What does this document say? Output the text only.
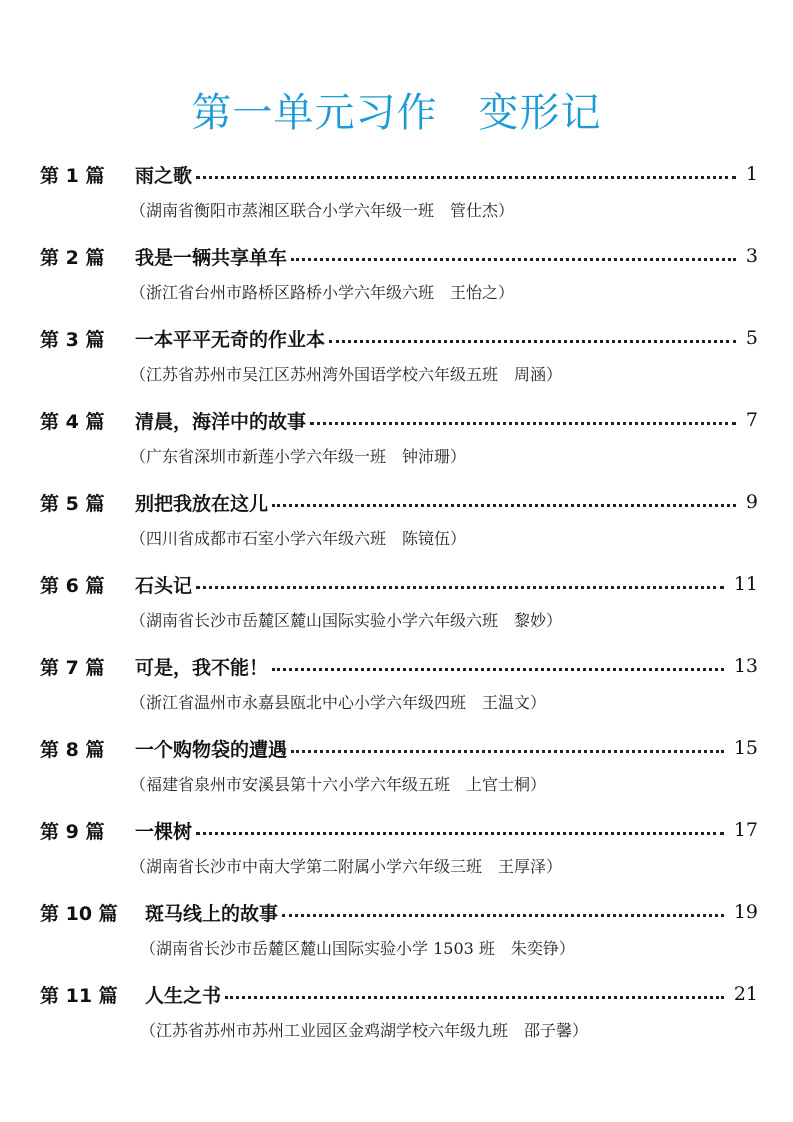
第一单元习作　变形记
第 1 篇	雨之歌	1
（湖南省衡阳市蒸湘区联合小学六年级一班　管仕杰）
第 2 篇	我是一辆共享单车	3
（浙江省台州市路桥区路桥小学六年级六班　王怡之）
第 3 篇	一本平平无奇的作业本	5
（江苏省苏州市吴江区苏州湾外国语学校六年级五班　周涵）
第 4 篇	清晨，海洋中的故事	7
（广东省深圳市新莲小学六年级一班　钟沛珊）
第 5 篇	别把我放在这儿	9
（四川省成都市石室小学六年级六班　陈镜伍）
第 6 篇	石头记	11
（湖南省长沙市岳麓区麓山国际实验小学六年级六班　黎妙）
第 7 篇	可是，我不能！	13
（浙江省温州市永嘉县瓯北中心小学六年级四班　王温文）
第 8 篇	一个购物袋的遭遇	15
（福建省泉州市安溪县第十六小学六年级五班　上官士桐）
第 9 篇	一棵树	17
（湖南省长沙市中南大学第二附属小学六年级三班　王厚泽）
第 10 篇	斑马线上的故事	19
（湖南省长沙市岳麓区麓山国际实验小学 1503 班　朱奕铮）
第 11 篇	人生之书	21
（江苏省苏州市苏州工业园区金鸡湖学校六年级九班　邵子馨）
